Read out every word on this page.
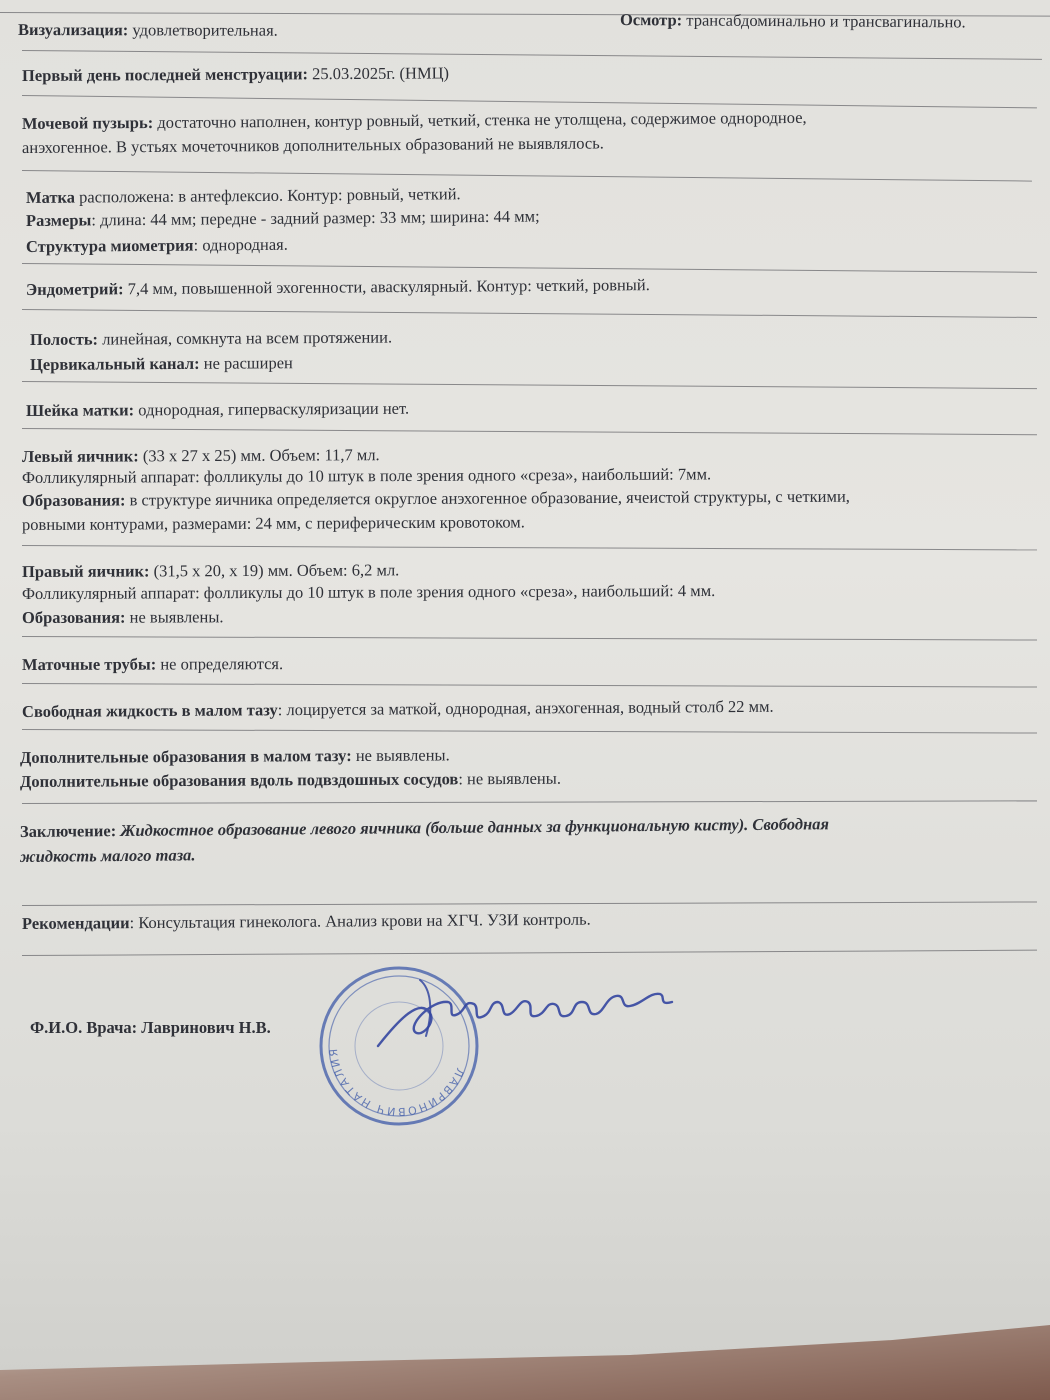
Визуализация: удовлетворительная.
Осмотр: трансабдоминально и трансвагинально.
Первый день последней менструации: 25.03.2025г. (НМЦ)
Мочевой пузырь: достаточно наполнен, контур ровный, четкий, стенка не утолщена, содержимое однородное,
анэхогенное. В устьях мочеточников дополнительных образований не выявлялось.
Матка расположена: в антефлексио. Контур: ровный, четкий.
Размеры: длина: 44 мм; передне - задний размер: 33 мм; ширина: 44 мм;
Структура миометрия: однородная.
Эндометрий: 7,4 мм, повышенной эхогенности, аваскулярный. Контур: четкий, ровный.
Полость: линейная, сомкнута на всем протяжении.
Цервикальный канал: не расширен
Шейка матки: однородная, гиперваскуляризации нет.
Левый яичник: (33 х 27 х 25) мм. Объем: 11,7 мл.
Фолликулярный аппарат: фолликулы до 10 штук в поле зрения одного «среза», наибольший: 7мм.
Образования: в структуре яичника определяется округлое анэхогенное образование, ячеистой структуры, с четкими,
ровными контурами, размерами: 24 мм, с периферическим кровотоком.
Правый яичник: (31,5 х 20, х 19) мм. Объем: 6,2 мл.
Фолликулярный аппарат: фолликулы до 10 штук в поле зрения одного «среза», наибольший: 4 мм.
Образования: не выявлены.
Маточные трубы: не определяются.
Свободная жидкость в малом тазу: лоцируется за маткой, однородная, анэхогенная, водный столб 22 мм.
Дополнительные образования в малом тазу: не выявлены.
Дополнительные образования вдоль подвздошных сосудов: не выявлены.
Заключение: Жидкостное образование левого яичника (больше данных за функциональную кисту). Свободная
жидкость малого таза.
Рекомендации: Консультация гинеколога. Анализ крови на ХГЧ. УЗИ контроль.
Ф.И.О. Врача: Лавринович Н.В.
ЛАВРИНОВИЧ НАТАЛИЯ
